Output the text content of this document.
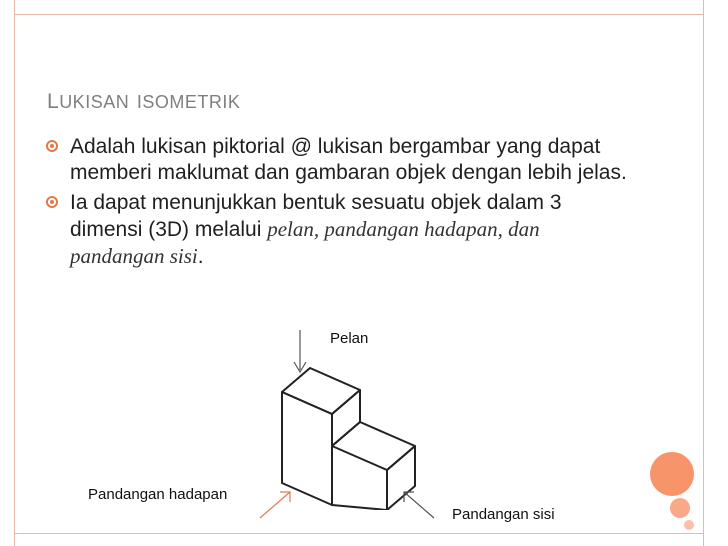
lukisan isometrik
Adalah lukisan piktorial @ lukisan bergambar yang dapat memberi maklumat dan gambaran objek dengan lebih jelas.
Ia dapat menunjukkan bentuk sesuatu objek dalam 3 dimensi (3D) melalui pelan, pandangan hadapan, dan pandangan sisi.
Pelan
Pandangan hadapan
Pandangan sisi
